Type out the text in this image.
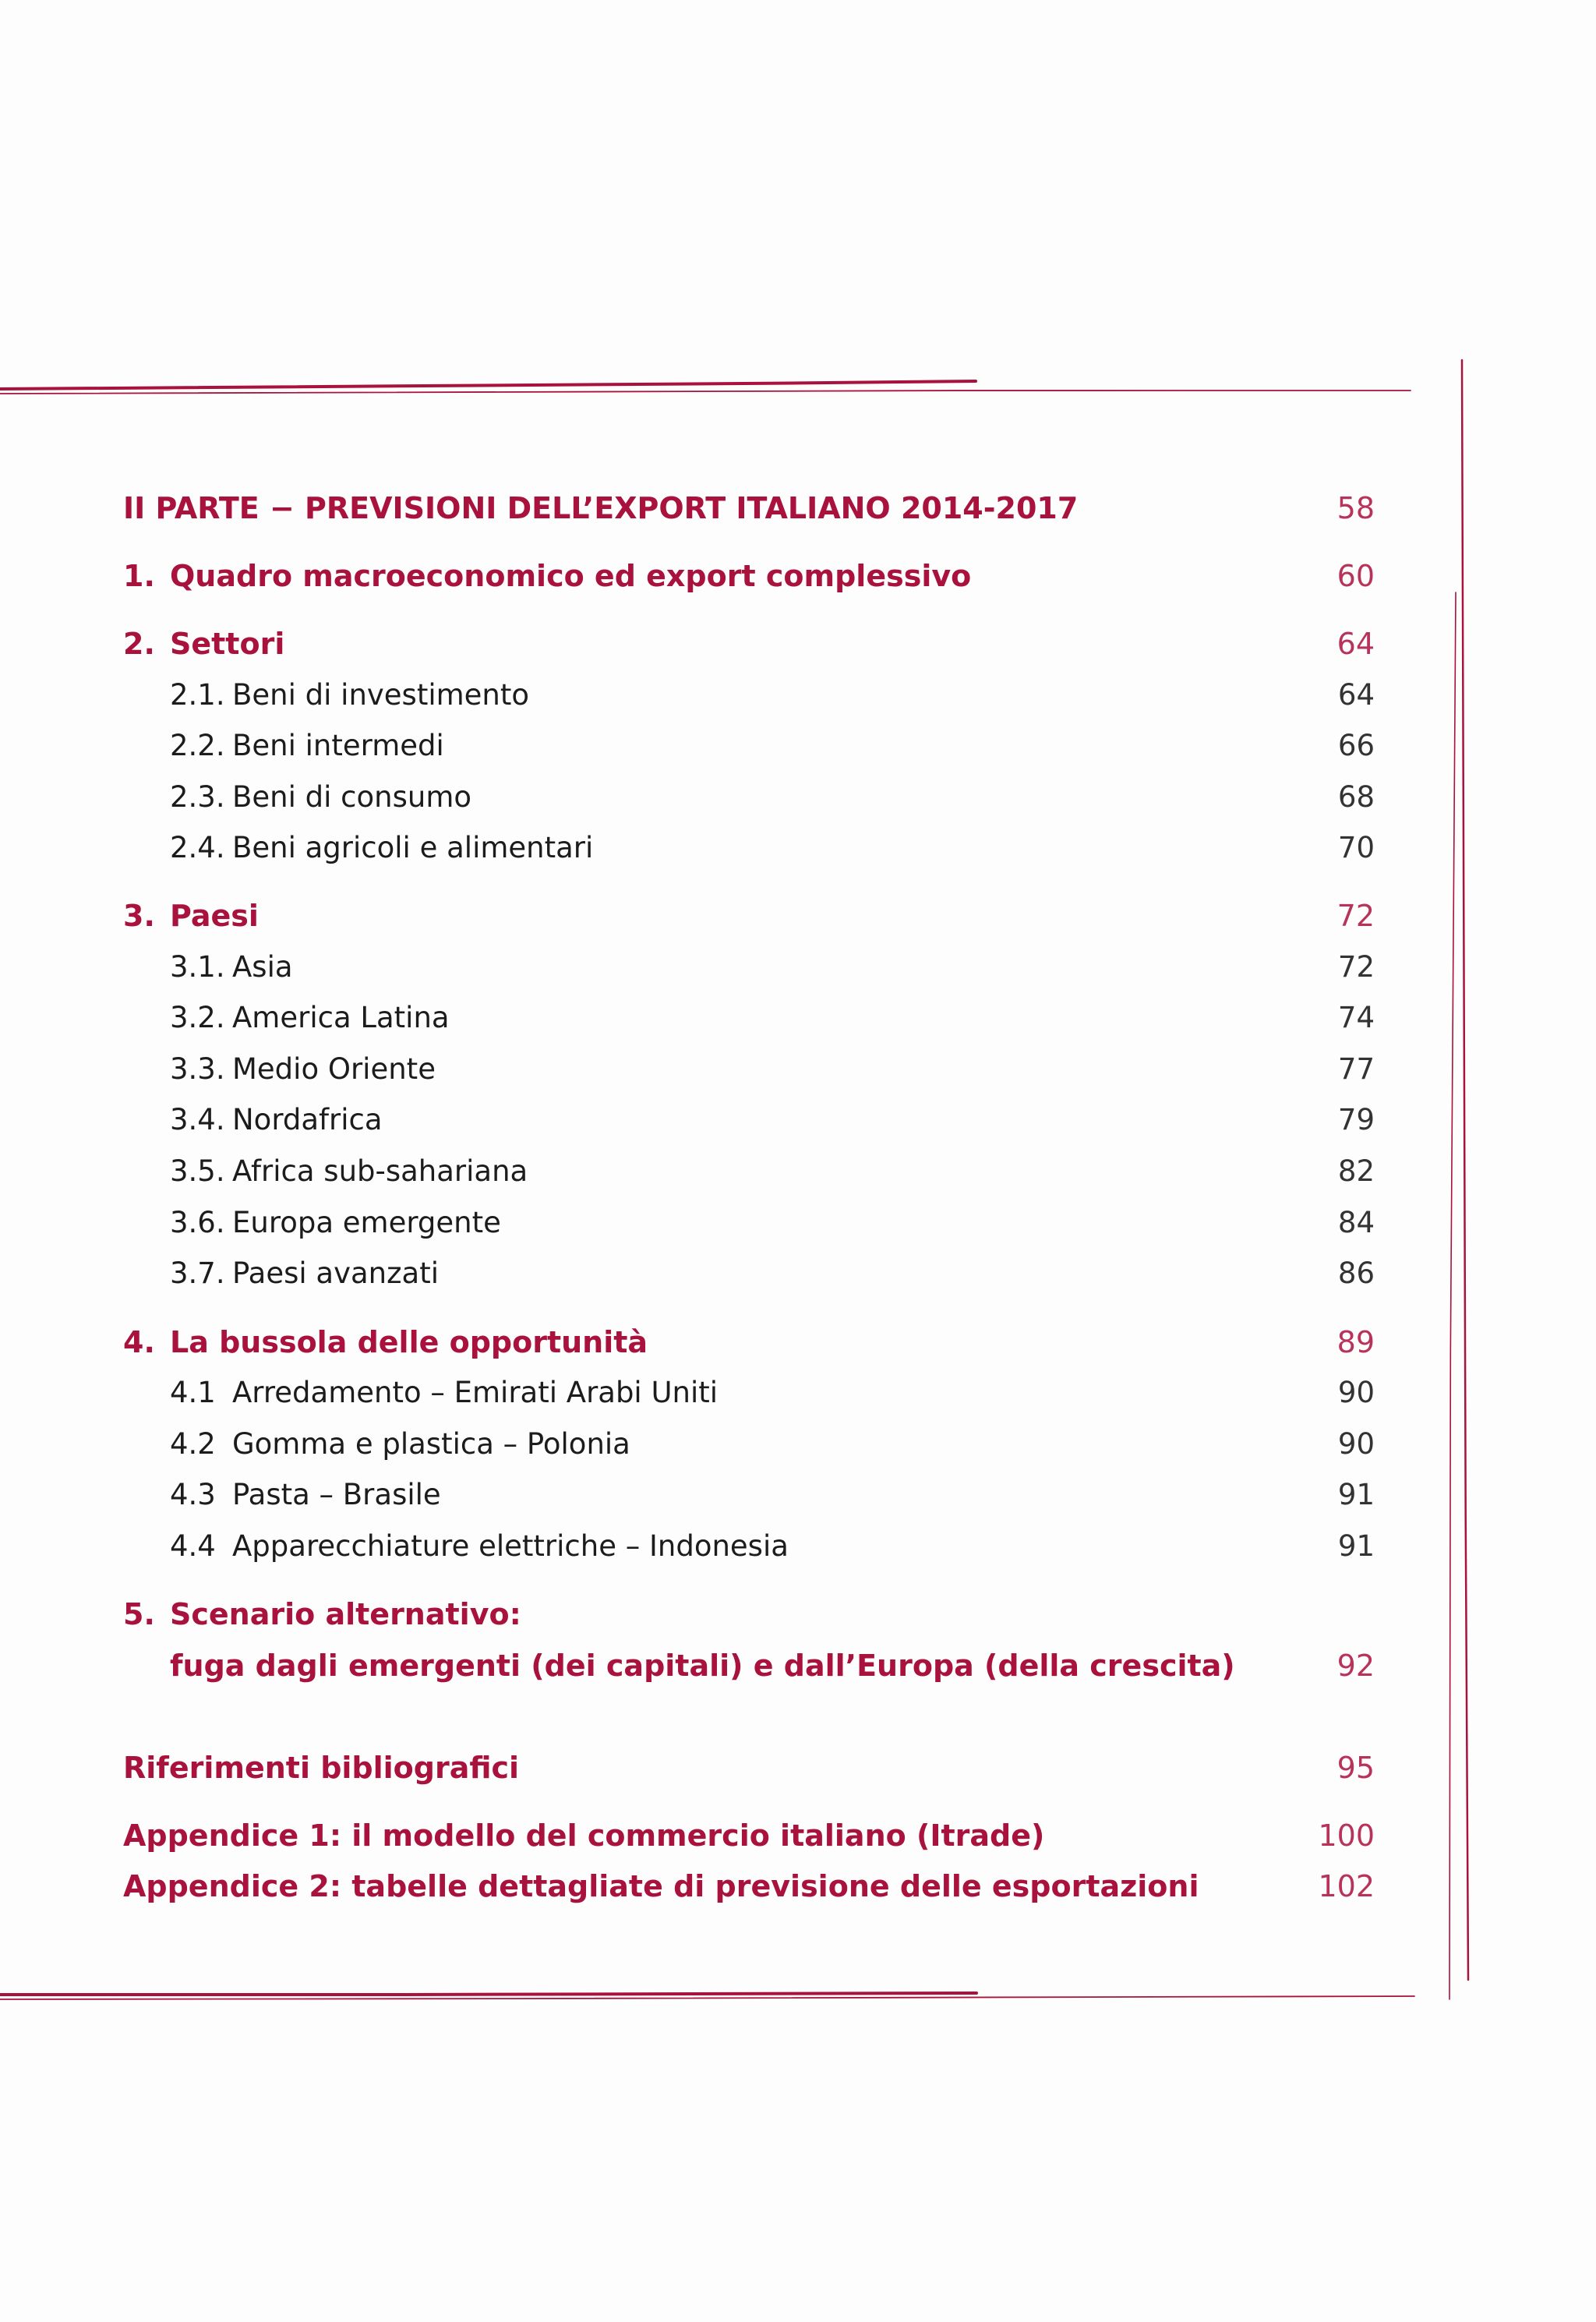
II PARTE − PREVISIONI DELL’EXPORT ITALIANO 2014-2017	58
1. Quadro macroeconomico ed export complessivo	60
2. Settori	64
2.1. Beni di investimento	64
2.2. Beni intermedi	66
2.3. Beni di consumo	68
2.4. Beni agricoli e alimentari	70
3. Paesi	72
3.1. Asia	72
3.2. America Latina	74
3.3. Medio Oriente	77
3.4. Nordafrica	79
3.5. Africa sub-sahariana	82
3.6. Europa emergente	84
3.7. Paesi avanzati	86
4. La bussola delle opportunità	89
4.1 Arredamento – Emirati Arabi Uniti	90
4.2 Gomma e plastica – Polonia	90
4.3 Pasta – Brasile	91
4.4 Apparecchiature elettriche – Indonesia	91
5. Scenario alternativo:
fuga dagli emergenti (dei capitali) e dall’Europa (della crescita)	92
Riferimenti bibliografici	95
Appendice 1: il modello del commercio italiano (Itrade)	100
Appendice 2: tabelle dettagliate di previsione delle esportazioni	102
